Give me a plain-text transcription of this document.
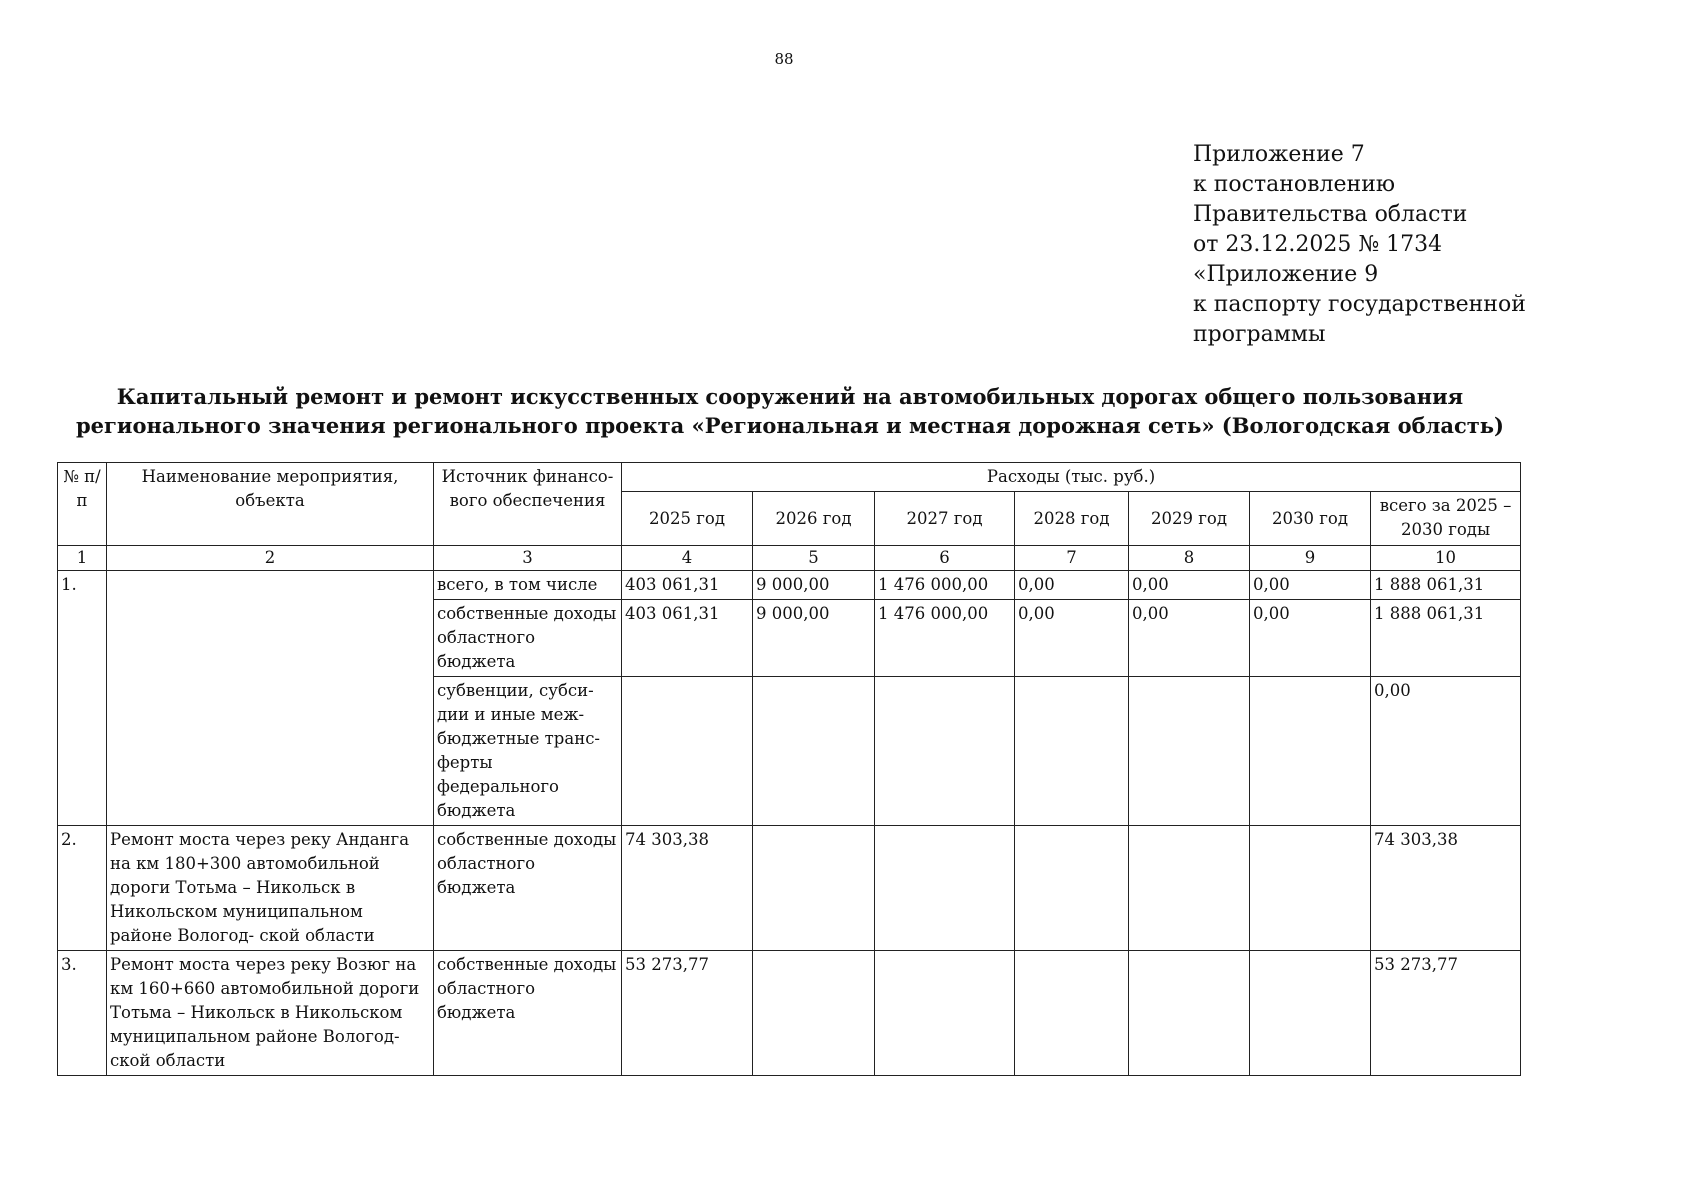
88
Приложение 7
к постановлению
Правительства области
от 23.12.2025 № 1734
«Приложение 9
к паспорту государственной
программы
Капитальный ремонт и ремонт искусственных сооружений на автомобильных дорогах общего пользования
регионального значения регионального проекта «Региональная и местная дорожная сеть» (Вологодская область)
№ п/п	Наименование мероприятия, объекта	Источник финансо- вого обеспечения	Расходы (тыс. руб.)						
			2025 год	2026 год	2027 год	2028 год	2029 год	2030 год	всего за 2025 – 2030 годы
1	2	3	4	5	6	7	8	9	10
1.		всего, в том числе	403 061,31	9 000,00	1 476 000,00	0,00	0,00	0,00	1 888 061,31
		собственные доходы областного бюджета	403 061,31	9 000,00	1 476 000,00	0,00	0,00	0,00	1 888 061,31
		субвенции, субси- дии и иные меж- бюджетные транс- ферты федерального бюджета							0,00
2.	Ремонт моста через реку Анданга на км 180+300 автомобильной дороги Тотьма – Никольск в Никольском муниципальном районе Вологод- ской области	собственные доходы областного бюджета	74 303,38						74 303,38
3.	Ремонт моста через реку Возюг на км 160+660 автомобильной дороги Тотьма – Никольск в Никольском муниципальном районе Вологод- ской области	собственные доходы областного бюджета	53 273,77						53 273,77
